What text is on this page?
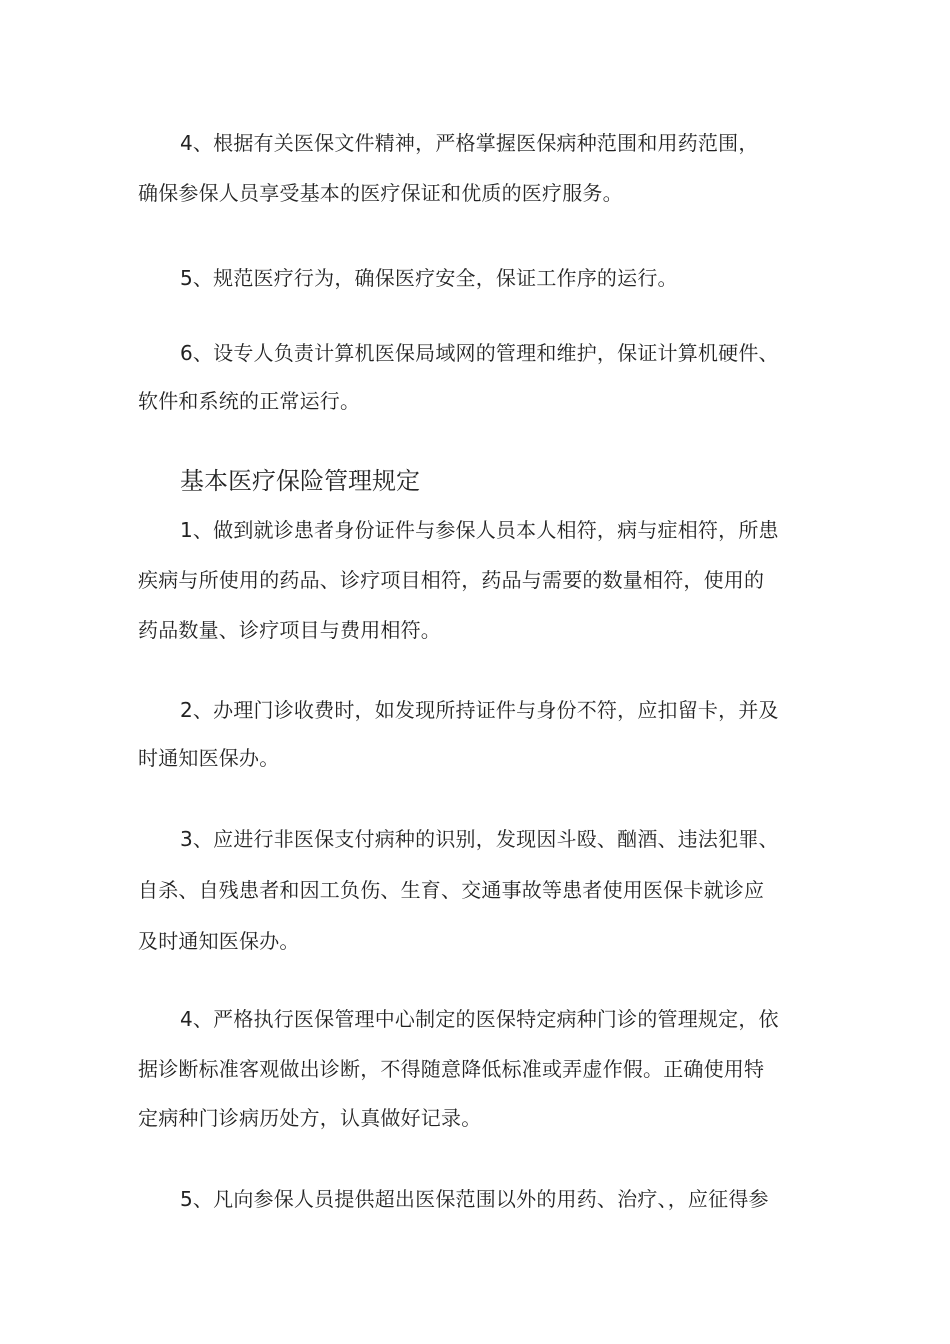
4、根据有关医保文件精神，严格掌握医保病种范围和用药范围，
确保参保人员享受基本的医疗保证和优质的医疗服务。
5、规范医疗行为，确保医疗安全，保证工作序的运行。
6、设专人负责计算机医保局域网的管理和维护，保证计算机硬件、
软件和系统的正常运行。
基本医疗保险管理规定
1、做到就诊患者身份证件与参保人员本人相符，病与症相符，所患
疾病与所使用的药品、诊疗项目相符，药品与需要的数量相符，使用的
药品数量、诊疗项目与费用相符。
2、办理门诊收费时，如发现所持证件与身份不符，应扣留卡，并及
时通知医保办。
3、应进行非医保支付病种的识别，发现因斗殴、酗酒、违法犯罪、
自杀、自残患者和因工负伤、生育、交通事故等患者使用医保卡就诊应
及时通知医保办。
4、严格执行医保管理中心制定的医保特定病种门诊的管理规定，依
据诊断标准客观做出诊断，不得随意降低标准或弄虚作假。正确使用特
定病种门诊病历处方，认真做好记录。
5、凡向参保人员提供超出医保范围以外的用药、治疗、，应征得参
